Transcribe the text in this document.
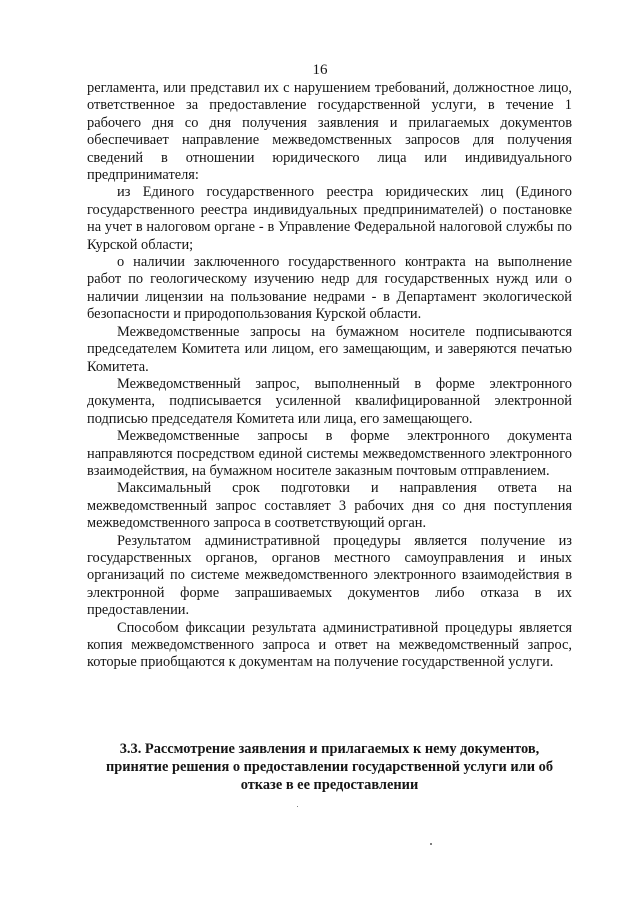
16

регламента, или представил их с нарушением требований, должностное лицо, ответственное за предоставление государственной услуги, в течение 1 рабочего дня со дня получения заявления и прилагаемых документов обеспечивает направление межведомственных запросов для получения сведений в отношении юридического лица или индивидуального предпринимателя:

из Единого государственного реестра юридических лиц (Единого государственного реестра индивидуальных предпринимателей) о постановке на учет в налоговом органе - в Управление Федеральной налоговой службы по Курской области;

о наличии заключенного государственного контракта на выполнение работ по геологическому изучению недр для государственных нужд или о наличии лицензии на пользование недрами - в Департамент экологической безопасности и природопользования Курской области.

Межведомственные запросы на бумажном носителе подписываются председателем Комитета или лицом, его замещающим, и заверяются печатью Комитета.

Межведомственный запрос, выполненный в форме электронного документа, подписывается усиленной квалифицированной электронной подписью председателя Комитета или лица, его замещающего.

Межведомственные запросы в форме электронного документа направляются посредством единой системы межведомственного электронного взаимодействия, на бумажном носителе заказным почтовым отправлением.

Максимальный срок подготовки и направления ответа на межведомственный запрос составляет 3 рабочих дня со дня поступления межведомственного запроса в соответствующий орган.

Результатом административной процедуры является получение из государственных органов, органов местного самоуправления и иных организаций по системе межведомственного электронного взаимодействия в электронной форме запрашиваемых документов либо отказа в их предоставлении.

Способом фиксации результата административной процедуры является копия межведомственного запроса и ответ на межведомственный запрос, которые приобщаются к документам на получение государственной услуги.

3.3. Рассмотрение заявления и прилагаемых к нему документов, принятие решения о предоставлении государственной услуги или об отказе в ее предоставлении
